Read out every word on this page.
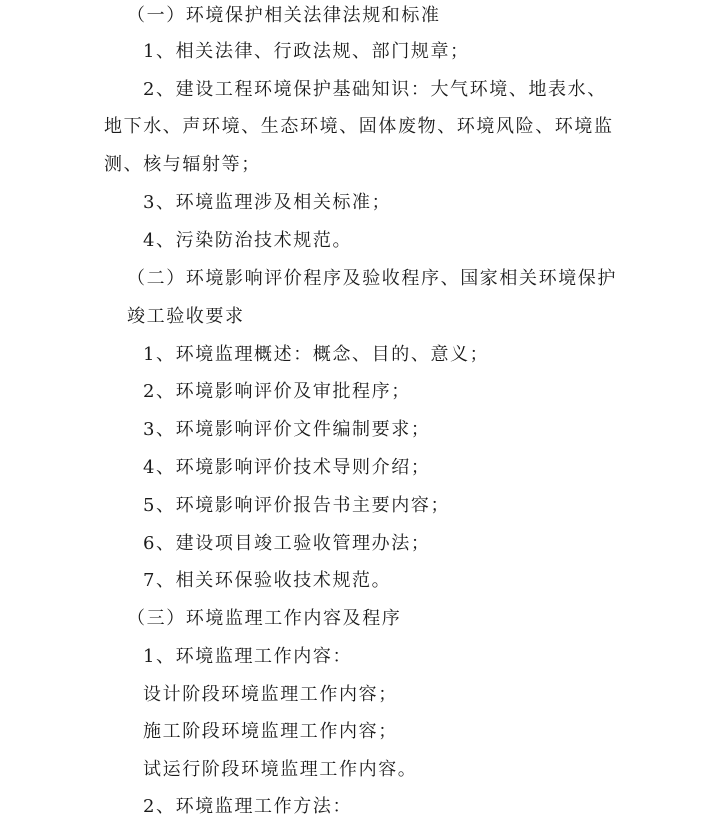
（一）环境保护相关法律法规和标准
1、相关法律、行政法规、部门规章；
2、建设工程环境保护基础知识：大气环境、地表水、
地下水、声环境、生态环境、固体废物、环境风险、环境监
测、核与辐射等；
3、环境监理涉及相关标准；
4、污染防治技术规范。
（二）环境影响评价程序及验收程序、国家相关环境保护
竣工验收要求
1、环境监理概述：概念、目的、意义；
2、环境影响评价及审批程序；
3、环境影响评价文件编制要求；
4、环境影响评价技术导则介绍；
5、环境影响评价报告书主要内容；
6、建设项目竣工验收管理办法；
7、相关环保验收技术规范。
（三）环境监理工作内容及程序
1、环境监理工作内容：
设计阶段环境监理工作内容；
施工阶段环境监理工作内容；
试运行阶段环境监理工作内容。
2、环境监理工作方法：
